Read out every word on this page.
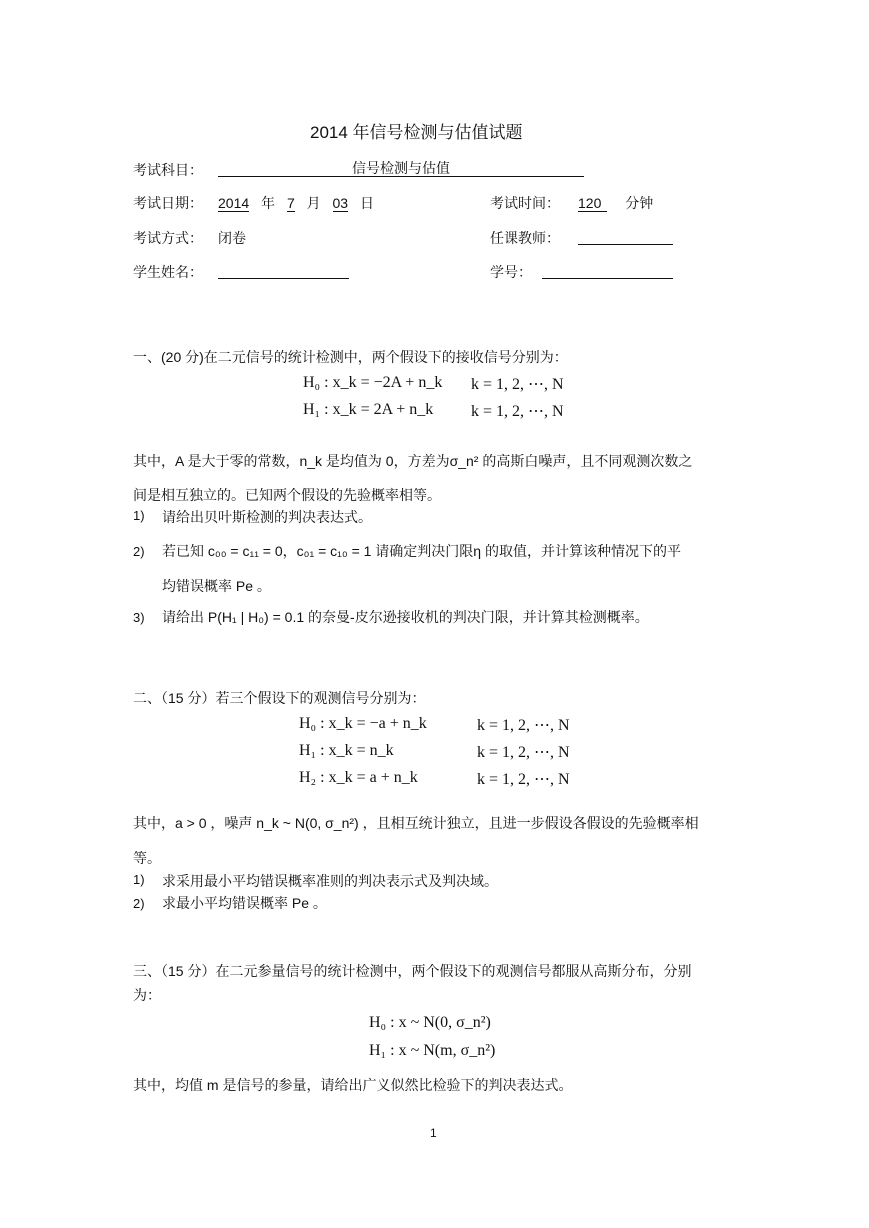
2014 年信号检测与估值试题
考试科目：	信号检测与估值
考试日期： 2014 年 7 月 03 日	考试时间： 120 分钟
考试方式： 闭卷	任课教师：
学生姓名：	学号：
一、(20 分)在二元信号的统计检测中，两个假设下的接收信号分别为：
H₀ : x_k = −2A + n_k k = 1, 2, ⋯, N
H₁ : x_k = 2A + n_k k = 1, 2, ⋯, N
其中，A 是大于零的常数，n_k 是均值为 0，方差为σ_n² 的高斯白噪声，且不同观测次数之
间是相互独立的。已知两个假设的先验概率相等。
1) 请给出贝叶斯检测的判决表达式。
2) 若已知 c₀₀ = c₁₁ = 0，c₀₁ = c₁₀ = 1 请确定判决门限η 的取值，并计算该种情况下的平
均错误概率 Pe 。
3) 请给出 P(H₁ | H₀) = 0.1 的奈曼-皮尔逊接收机的判决门限，并计算其检测概率。
二、（15 分）若三个假设下的观测信号分别为：
H₀ : x_k = −a + n_k	k = 1, 2, ⋯, N
H₁ : x_k = n_k	k = 1, 2, ⋯, N
H₂ : x_k = a + n_k	k = 1, 2, ⋯, N
其中，a > 0 ，噪声 n_k ~ N(0, σ_n²) ，且相互统计独立，且进一步假设各假设的先验概率相
等。
1) 求采用最小平均错误概率准则的判决表示式及判决域。
2) 求最小平均错误概率 Pe 。
三、（15 分）在二元参量信号的统计检测中，两个假设下的观测信号都服从高斯分布，分别
为：
H₀ : x ~ N(0, σ_n²)
H₁ : x ~ N(m, σ_n²)
其中，均值 m 是信号的参量，请给出广义似然比检验下的判决表达式。
1
